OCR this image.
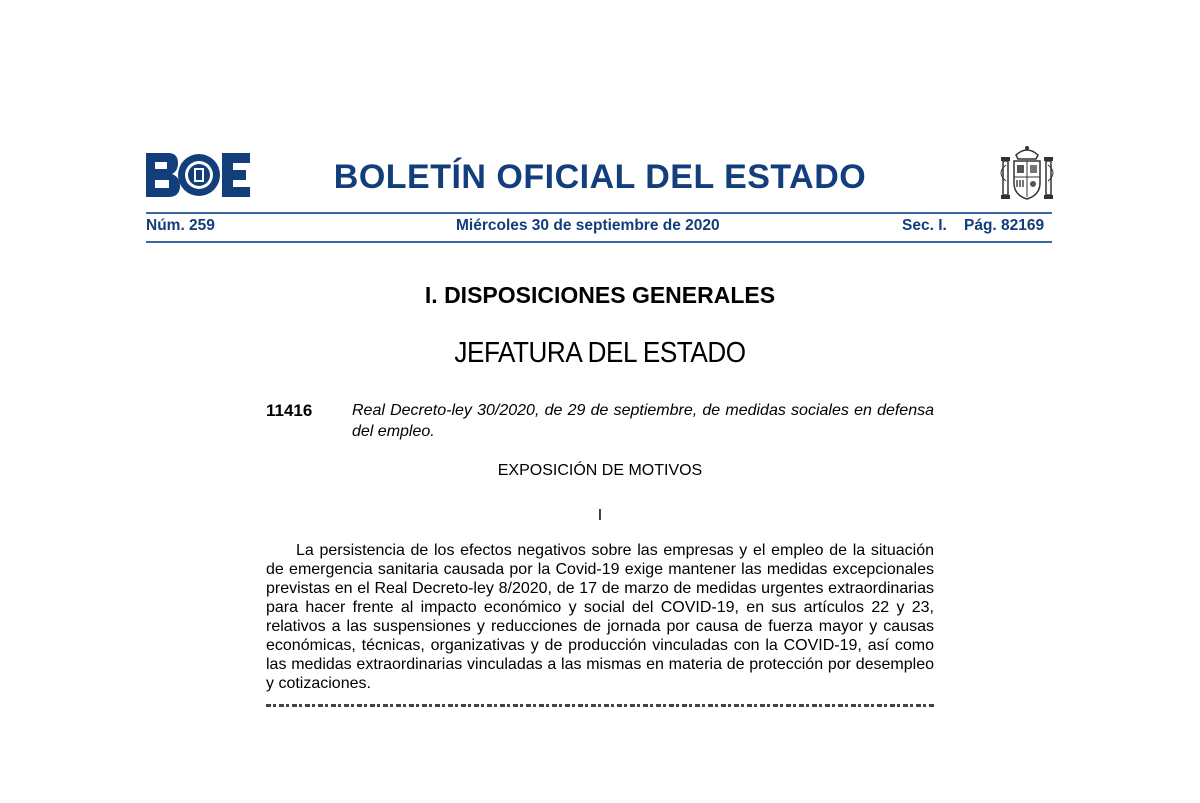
BOLETÍN OFICIAL DEL ESTADO
Núm. 259	Miércoles 30 de septiembre de 2020	Sec. I. Pág. 82169
I. DISPOSICIONES GENERALES
JEFATURA DEL ESTADO
11416 Real Decreto-ley 30/2020, de 29 de septiembre, de medidas sociales en defensa del empleo.
EXPOSICIÓN DE MOTIVOS
I

La persistencia de los efectos negativos sobre las empresas y el empleo de la situación de emergencia sanitaria causada por la Covid-19 exige mantener las medidas excepcionales previstas en el Real Decreto-ley 8/2020, de 17 de marzo de medidas urgentes extraordinarias para hacer frente al impacto económico y social del COVID-19, en sus artículos 22 y 23, relativos a las suspensiones y reducciones de jornada por causa de fuerza mayor y causas económicas, técnicas, organizativas y de producción vinculadas con la COVID-19, así como las medidas extraordinarias vinculadas a las mismas en materia de protección por desempleo y cotizaciones.
